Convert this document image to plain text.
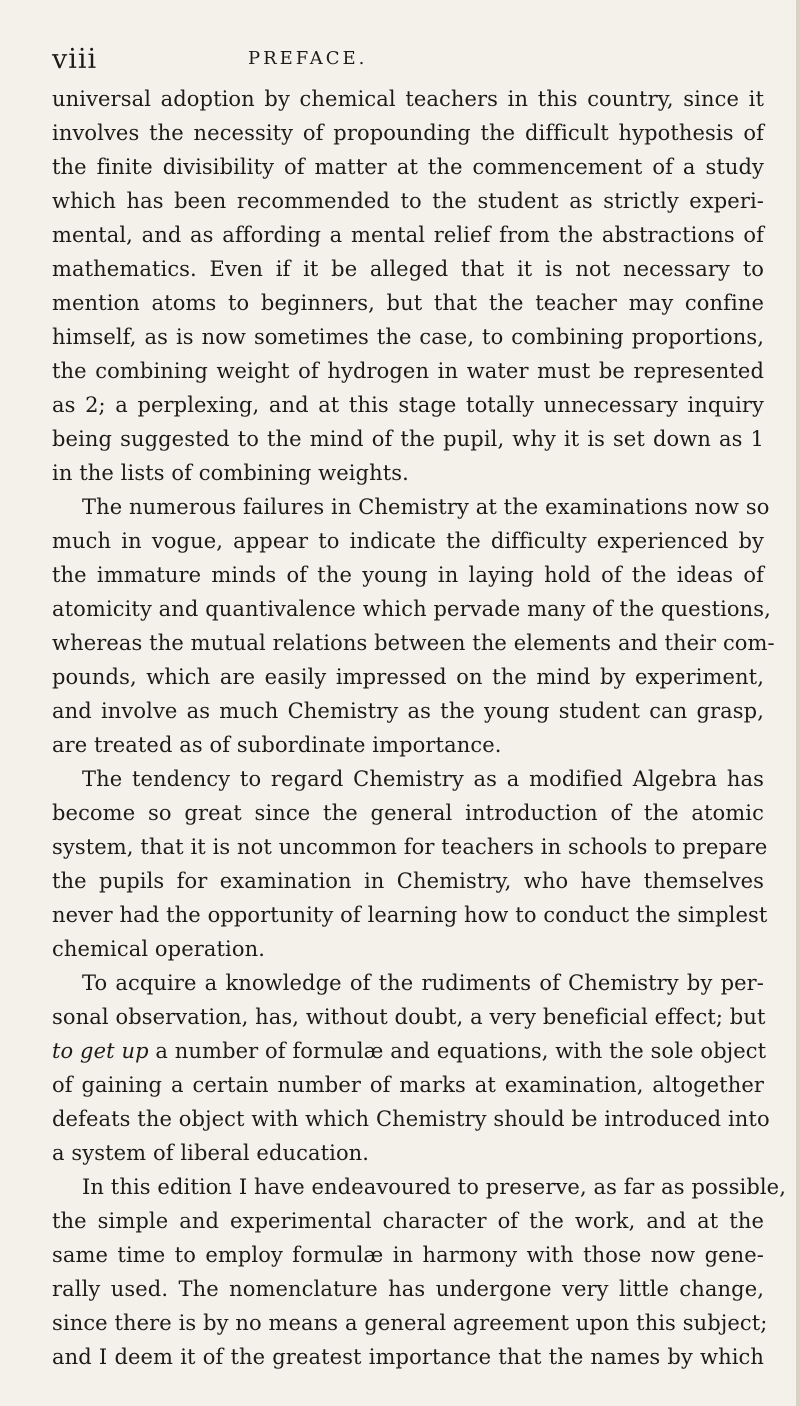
viii	PREFACE.
universal adoption by chemical teachers in this country, since it
involves the necessity of propounding the difficult hypothesis of
the finite divisibility of matter at the commencement of a study
which has been recommended to the student as strictly experi-
mental, and as affording a mental relief from the abstractions of
mathematics. Even if it be alleged that it is not necessary to
mention atoms to beginners, but that the teacher may confine
himself, as is now sometimes the case, to combining proportions,
the combining weight of hydrogen in water must be represented
as 2; a perplexing, and at this stage totally unnecessary inquiry
being suggested to the mind of the pupil, why it is set down as 1
in the lists of combining weights.
The numerous failures in Chemistry at the examinations now so
much in vogue, appear to indicate the difficulty experienced by
the immature minds of the young in laying hold of the ideas of
atomicity and quantivalence which pervade many of the questions,
whereas the mutual relations between the elements and their com-
pounds, which are easily impressed on the mind by experiment,
and involve as much Chemistry as the young student can grasp,
are treated as of subordinate importance.
The tendency to regard Chemistry as a modified Algebra has
become so great since the general introduction of the atomic
system, that it is not uncommon for teachers in schools to prepare
the pupils for examination in Chemistry, who have themselves
never had the opportunity of learning how to conduct the simplest
chemical operation.
To acquire a knowledge of the rudiments of Chemistry by per-
sonal observation, has, without doubt, a very beneficial effect; but
to get up a number of formulæ and equations, with the sole object
of gaining a certain number of marks at examination, altogether
defeats the object with which Chemistry should be introduced into
a system of liberal education.
In this edition I have endeavoured to preserve, as far as possible,
the simple and experimental character of the work, and at the
same time to employ formulæ in harmony with those now gene-
rally used. The nomenclature has undergone very little change,
since there is by no means a general agreement upon this subject;
and I deem it of the greatest importance that the names by which
